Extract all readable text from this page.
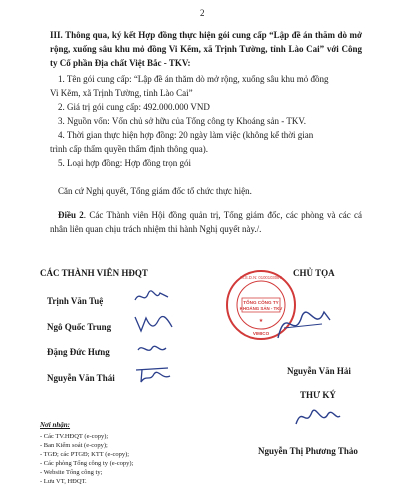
2
III. Thông qua, ký kết Hợp đồng thực hiện gói cung cấp “Lập đề án thăm dò mở rộng, xuống sâu khu mỏ đồng Vi Kẽm, xã Trịnh Tường, tỉnh Lào Cai” với Công ty Cổ phần Địa chất Việt Bắc - TKV:
1. Tên gói cung cấp: “Lập đề án thăm dò mở rộng, xuống sâu khu mỏ đồng
Vi Kẽm, xã Trịnh Tường, tỉnh Lào Cai”
2. Giá trị gói cung cấp: 492.000.000 VND
3. Nguồn vốn: Vốn chủ sở hữu của Tổng công ty Khoáng sản - TKV.
4. Thời gian thực hiện hợp đồng: 20 ngày làm việc (không kể thời gian
trình cấp thẩm quyền thẩm định thông qua).
5. Loại hợp đồng: Hợp đồng trọn gói
Căn cứ Nghị quyết, Tổng giám đốc tổ chức thực hiện.
Điều 2. Các Thành viên Hội đồng quản trị, Tổng giám đốc, các phòng và các cá nhân liên quan chịu trách nhiệm thi hành Nghị quyết này./.
CÁC THÀNH VIÊN HĐQT
Trịnh Văn Tuệ
Ngô Quốc Trung
Đặng Đức Hưng
Nguyễn Văn Thái
CHỦ TỌA
TỔNG CÔNG TY
KHOÁNG SẢN - TKV
M.S.D.N: 0100103087
VIMICO
★
Nguyễn Văn Hải
THƯ KÝ
Nguyễn Thị Phương Thảo
Nơi nhận:
- Các TV.HĐQT (e-copy);
- Ban Kiểm soát (e-copy);
- TGĐ; các PTGĐ; KTT (e-copy);
- Các phòng Tổng công ty (e-copy);
- Website Tổng công ty;
- Lưu VT, HĐQT.
